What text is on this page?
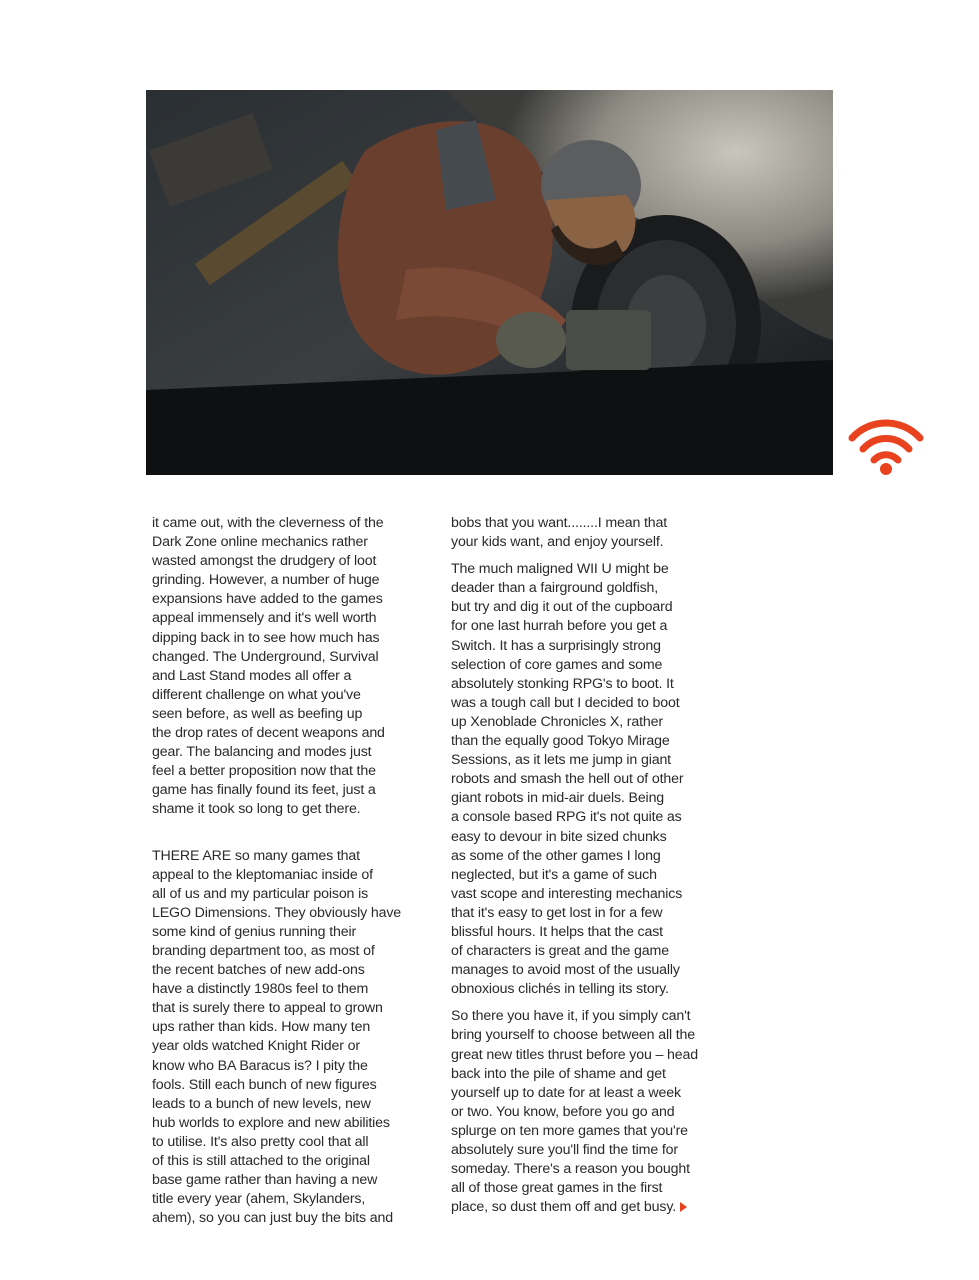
it came out, with the cleverness of the
Dark Zone online mechanics rather
wasted amongst the drudgery of loot
grinding. However, a number of huge
expansions have added to the games
appeal immensely and it's well worth
dipping back in to see how much has
changed. The Underground, Survival
and Last Stand modes all offer a
different challenge on what you've
seen before, as well as beefing up
the drop rates of decent weapons and
gear. The balancing and modes just
feel a better proposition now that the
game has finally found its feet, just a
shame it took so long to get there.

THERE ARE so many games that
appeal to the kleptomaniac inside of
all of us and my particular poison is
LEGO Dimensions. They obviously have
some kind of genius running their
branding department too, as most of
the recent batches of new add-ons
have a distinctly 1980s feel to them
that is surely there to appeal to grown
ups rather than kids. How many ten
year olds watched Knight Rider or
know who BA Baracus is? I pity the
fools. Still each bunch of new figures
leads to a bunch of new levels, new
hub worlds to explore and new abilities
to utilise. It's also pretty cool that all
of this is still attached to the original
base game rather than having a new
title every year (ahem, Skylanders,
ahem), so you can just buy the bits and

bobs that you want........I mean that
your kids want, and enjoy yourself.

The much maligned WII U might be
deader than a fairground goldfish,
but try and dig it out of the cupboard
for one last hurrah before you get a
Switch. It has a surprisingly strong
selection of core games and some
absolutely stonking RPG's to boot. It
was a tough call but I decided to boot
up Xenoblade Chronicles X, rather
than the equally good Tokyo Mirage
Sessions, as it lets me jump in giant
robots and smash the hell out of other
giant robots in mid-air duels. Being
a console based RPG it's not quite as
easy to devour in bite sized chunks
as some of the other games I long
neglected, but it's a game of such
vast scope and interesting mechanics
that it's easy to get lost in for a few
blissful hours. It helps that the cast
of characters is great and the game
manages to avoid most of the usually
obnoxious clichés in telling its story.

So there you have it, if you simply can't
bring yourself to choose between all the
great new titles thrust before you – head
back into the pile of shame and get
yourself up to date for at least a week
or two. You know, before you go and
splurge on ten more games that you're
absolutely sure you'll find the time for
someday. There's a reason you bought
all of those great games in the first
place, so dust them off and get busy.
